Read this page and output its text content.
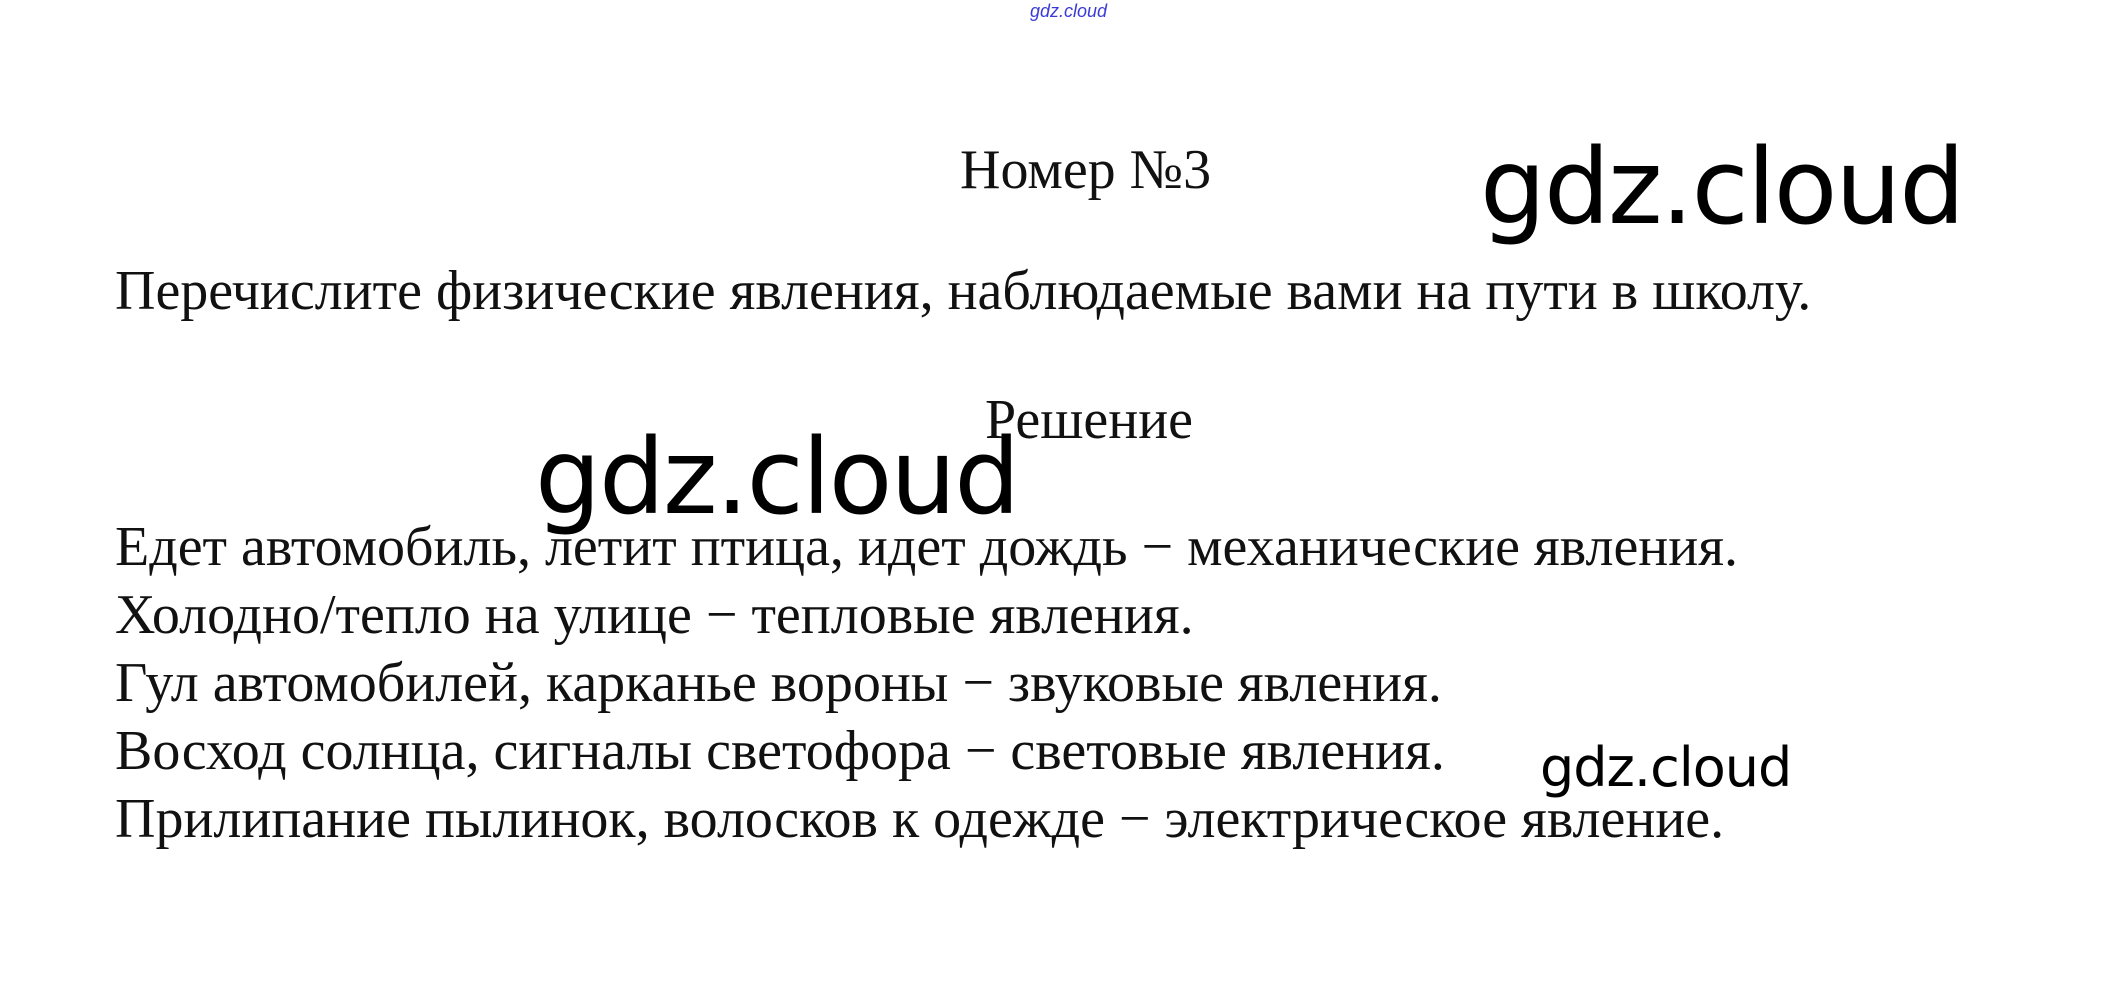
gdz.cloud
Номер №3
Перечислите физические явления, наблюдаемые вами на пути в школу.
Решение
Едет автомобиль, летит птица, идет дождь − механические явления.
Холодно/тепло на улице − тепловые явления.
Гул автомобилей, карканье вороны − звуковые явления.
Восход солнца, сигналы светофора − световые явления.
Прилипание пылинок, волосков к одежде − электрическое явление.
gdz.cloud
gdz.cloud
gdz.cloud
